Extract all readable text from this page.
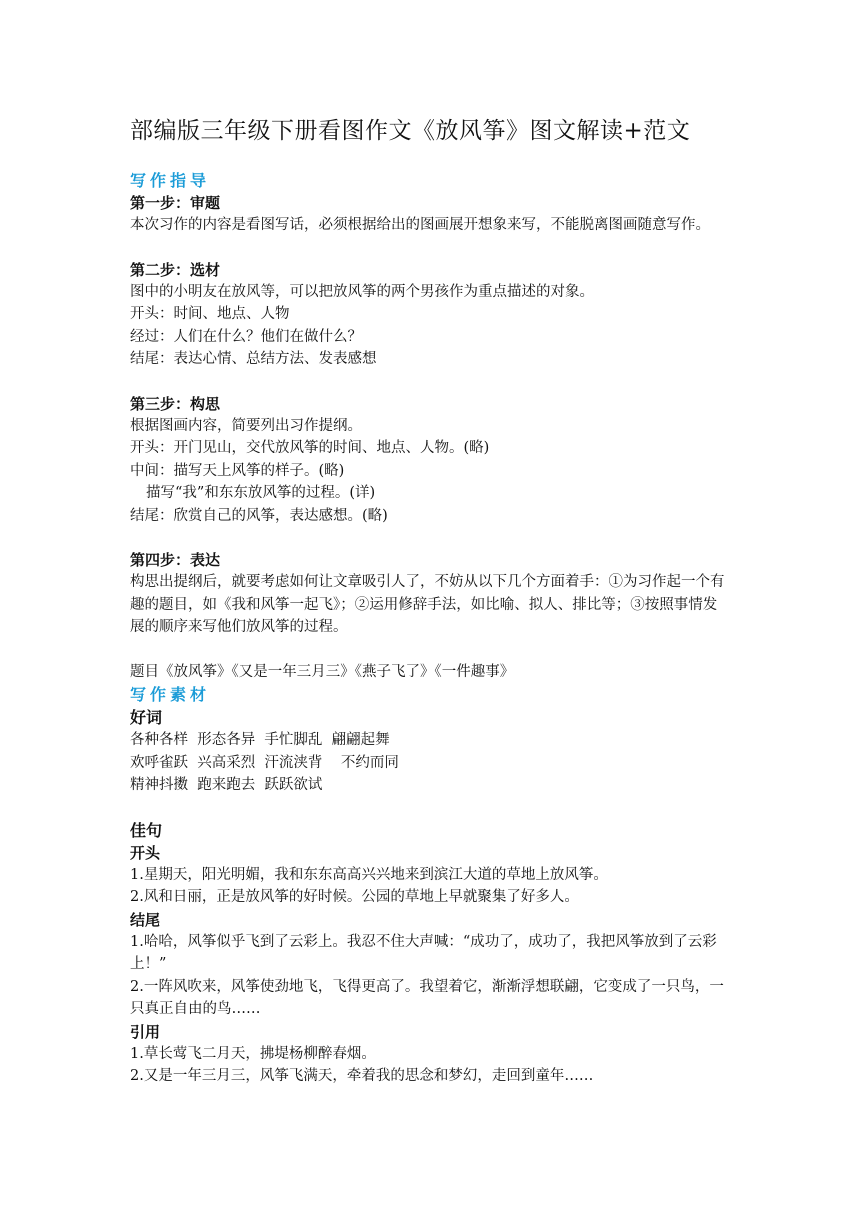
部编版三年级下册看图作文《放风筝》图文解读+范文
写作指导
第一步：审题
本次习作的内容是看图写话，必须根据给出的图画展开想象来写，不能脱离图画随意写作。
第二步：选材
图中的小明友在放风等，可以把放风筝的两个男孩作为重点描述的对象。
开头：时间、地点、人物
经过：人们在什么？他们在做什么？
结尾：表达心情、总结方法、发表感想
第三步：构思
根据图画内容，简要列出习作提纲。
开头：开门见山，交代放风筝的时间、地点、人物。(略)
中间：描写天上风筝的样子。(略)
描写“我”和东东放风筝的过程。(详)
结尾：欣赏自己的风筝，表达感想。(略)
第四步：表达
构思出提纲后，就要考虑如何让文章吸引人了，不妨从以下几个方面着手：①为习作起一个有趣的题目，如《我和风筝一起飞》；②运用修辞手法，如比喻、拟人、排比等；③按照事情发展的顺序来写他们放风筝的过程。
题目《放风筝》《又是一年三月三》《燕子飞了》《一件趣事》
写作素材
好词
各种各样  形态各异  手忙脚乱  翩翩起舞
欢呼雀跃  兴高采烈  汗流浃背    不约而同
精神抖擞  跑来跑去  跃跃欲试
佳句
开头
1.星期天，阳光明媚，我和东东高高兴兴地来到滨江大道的草地上放风筝。
2.风和日丽，正是放风筝的好时候。公园的草地上早就聚集了好多人。
结尾
1.哈哈，风筝似乎飞到了云彩上。我忍不住大声喊：“成功了，成功了，我把风筝放到了云彩上！”
2.一阵风吹来，风筝使劲地飞，飞得更高了。我望着它，渐渐浮想联翩，它变成了一只鸟，一只真正自由的鸟……
引用
1.草长莺飞二月天，拂堤杨柳醉春烟。
2.又是一年三月三，风筝飞满天，牵着我的思念和梦幻，走回到童年……
